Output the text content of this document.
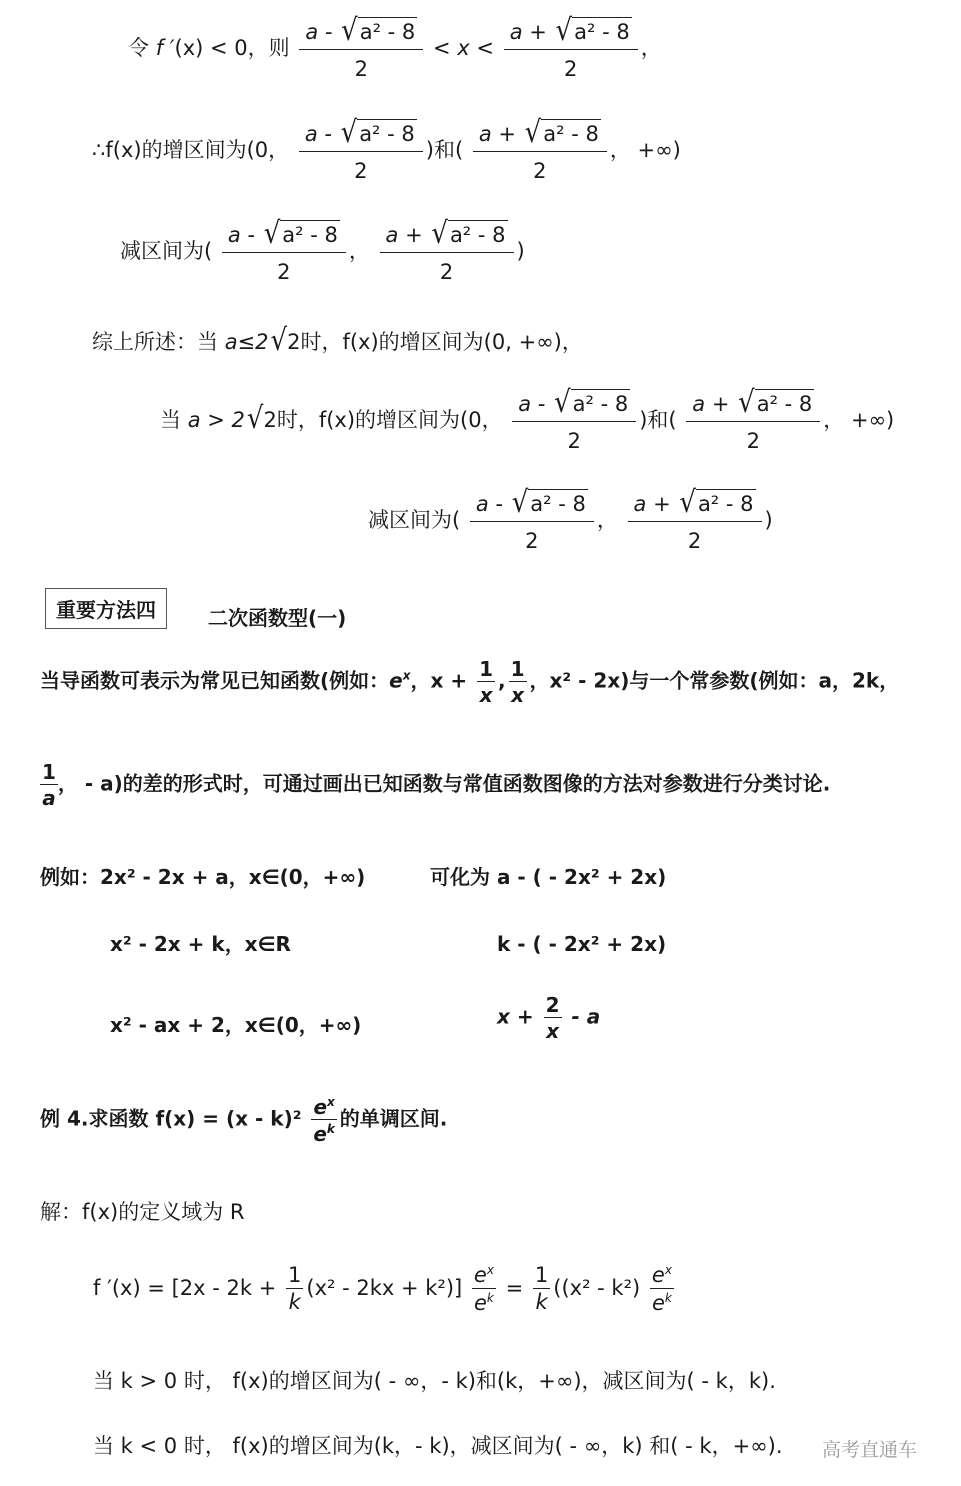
令 f ′(x) < 0，则 $\frac{\text{a - √a² - 8}}{2} < x < \frac{\text{a + √a² - 8}}{2}$ ，
∴f(x)的增区间为(0， $\frac{\text{a - √a² - 8}}{2}$ )和( $\frac{\text{a + √a² - 8}}{2}$ ， +∞)
减区间为( $\frac{\text{a - √a² - 8}}{2}$ ， $\frac{\text{a + √a² - 8}}{2}$ )
综上所述：当 a≤2√2时，f(x)的增区间为(0, +∞)，
当 a > 2√2时，f(x)的增区间为(0， $\frac{\text{a - √a² - 8}}{2}$ )和( $\frac{\text{a + √a² - 8}}{2}$ ， +∞)
减区间为( $\frac{\text{a - √a² - 8}}{2}$ ， $\frac{\text{a + √a² - 8}}{2}$ )
重要方法四	二次函数型(一)
当导函数可表示为常见已知函数(例如：$e^x$，$x + \frac{1}{x}$ , $\frac{1}{x}$ ，x² - 2x)与一个常参数(例如：a，2k，
$\frac{1}{a}$ ， - a)的差的形式时，可通过画出已知函数与常值函数图像的方法对参数进行分类讨论.
例如：2x² - 2x + a，x∈(0，+∞)	可化为 a - ( - 2x² + 2x)
x² - 2x + k，x∈R	k - ( - 2x² + 2x)
x² - ax + 2，x∈(0，+∞)	$x + \frac{2}{x} - a$
例 4.求函数 $f(x) = (x - k)^2 \frac{e^x}{e^k}$ 的单调区间.
解：f(x)的定义域为 R
f $'(x) = [2x - 2k + \frac{1}{k} (x^2 - 2kx + k^2)] \frac{e^x}{e^k} = \frac{1}{k} ((x^2 - k^2) \frac{e^x}{e^k}$
当 k > 0 时， f(x)的增区间为( - ∞，- k)和(k，+∞)，减区间为( - k，k).
当 k < 0 时， f(x)的增区间为(k，- k)，减区间为( - ∞，k) 和( - k，+∞). 高考直通车
